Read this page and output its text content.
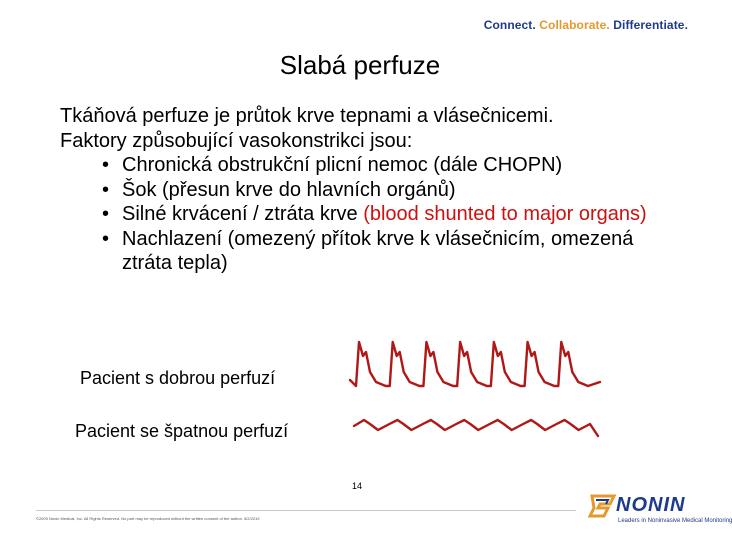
Connect. Collaborate. Differentiate.
Slabá perfuze

Tkáňová perfuze je průtok krve tepnami a vlásečnicemi.

Faktory způsobující vasokonstrikci jsou:

• Chronická obstrukční plicní nemoc (dále CHOPN)
• Šok (přesun krve do hlavních orgánů)
• Silné krvácení / ztráta krve (blood shunted to major organs)
• Nachlazení (omezený přítok krve k vlásečnicím, omezená ztráta tepla)
Pacient s dobrou perfuzí
Pacient se špatnou perfuzí
14
©2009 Nonin Medical, Inc. All Rights Reserved. No part may be reproduced without the written consent of the author. 5/2/2019
NONIN
Leaders in Noninvasive Medical Monitoring
